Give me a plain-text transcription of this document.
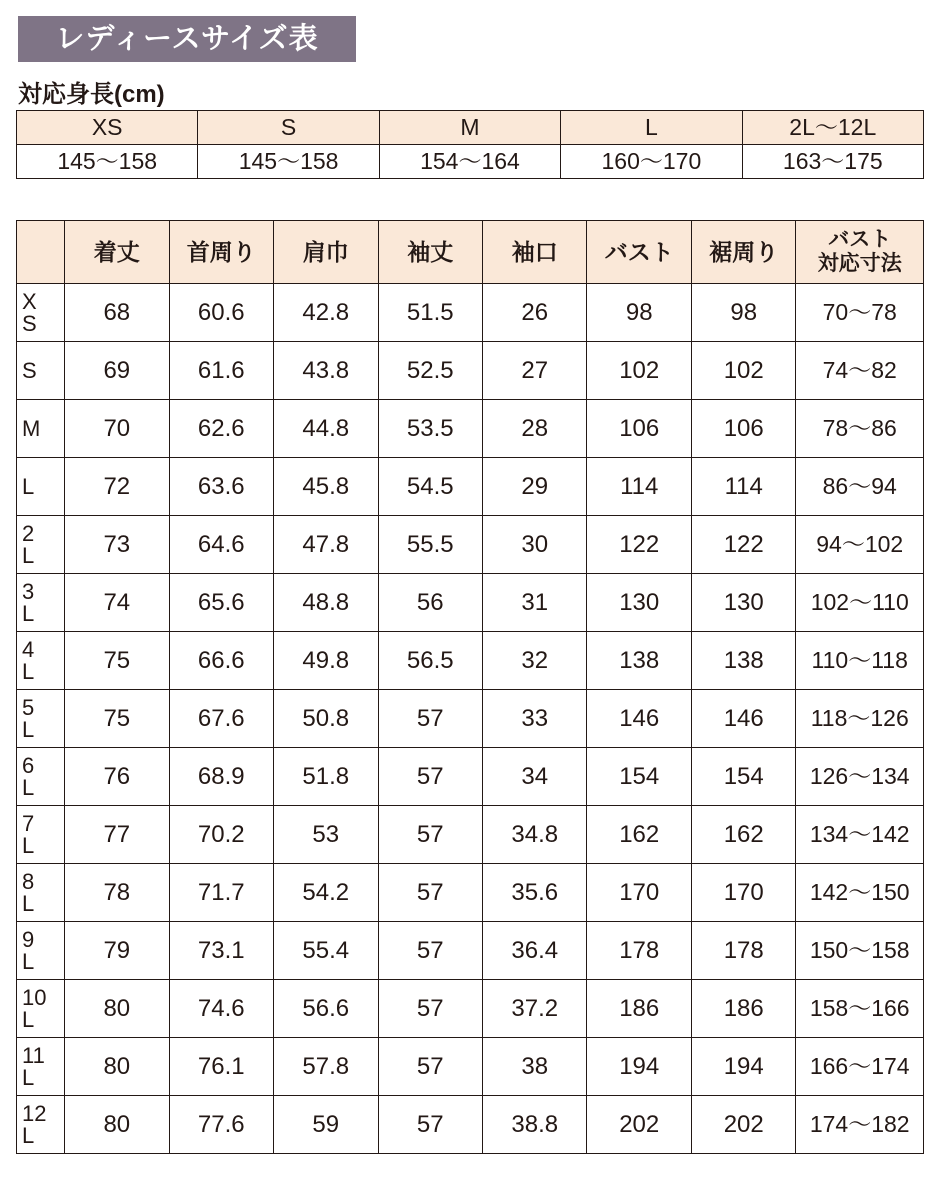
レディースサイズ表
対応身長(cm)
XS	S	M	L	2L〜12L
145〜158	145〜158	154〜164	160〜170	163〜175
	着丈	首周り	肩巾	袖丈	袖口	バスト	裾周り	バスト
対応寸法

X
S	68	60.6	42.8	51.5	26	98	98	70〜78

S	69	61.6	43.8	52.5	27	102	102	74〜82

M	70	62.6	44.8	53.5	28	106	106	78〜86

L	72	63.6	45.8	54.5	29	114	114	86〜94

2
L	73	64.6	47.8	55.5	30	122	122	94〜102

3
L	74	65.6	48.8	56	31	130	130	102〜110

4
L	75	66.6	49.8	56.5	32	138	138	110〜118

5
L	75	67.6	50.8	57	33	146	146	118〜126

6
L	76	68.9	51.8	57	34	154	154	126〜134

7
L	77	70.2	53	57	34.8	162	162	134〜142

8
L	78	71.7	54.2	57	35.6	170	170	142〜150

9
L	79	73.1	55.4	57	36.4	178	178	150〜158

10
L	80	74.6	56.6	57	37.2	186	186	158〜166

11
L	80	76.1	57.8	57	38	194	194	166〜174

12
L	80	77.6	59	57	38.8	202	202	174〜182
